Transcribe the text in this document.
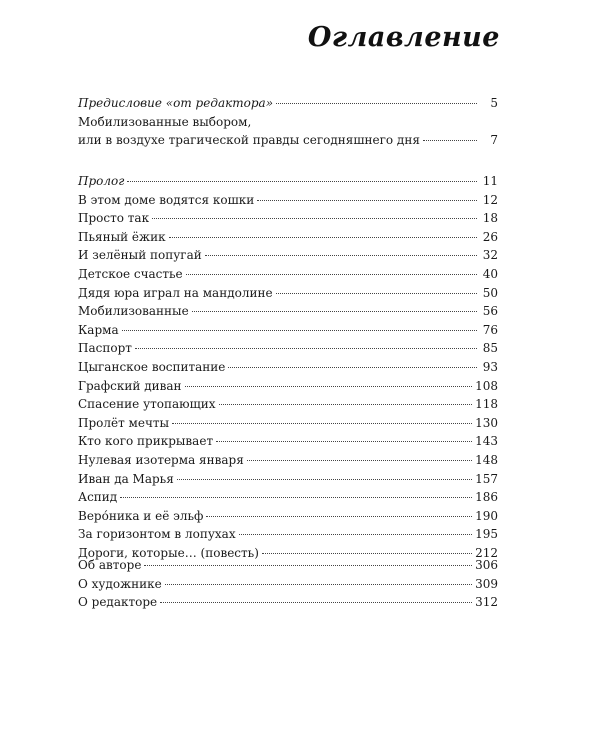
Оглавление
Предисловие «от редактора»	5
Мобилизованные выбором,
или в воздухе трагической правды сегодняшнего дня	7
Пролог	11
В этом доме водятся кошки	12
Просто так	18
Пьяный ёжик	26
И зелёный попугай	32
Детское счастье	40
Дядя юра играл на мандолине	50
Мобилизованные	56
Карма	76
Паспорт	85
Цыганское воспитание	93
Графский диван	108
Спасение утопающих	118
Пролёт мечты	130
Кто кого прикрывает	143
Нулевая изотерма января	148
Иван да Марья	157
Аспид	186
Веро́ника и её эльф	190
За горизонтом в лопухах	195
Дороги, которые… (повесть)	212
Об авторе	306
О художнике	309
О редакторе	312
